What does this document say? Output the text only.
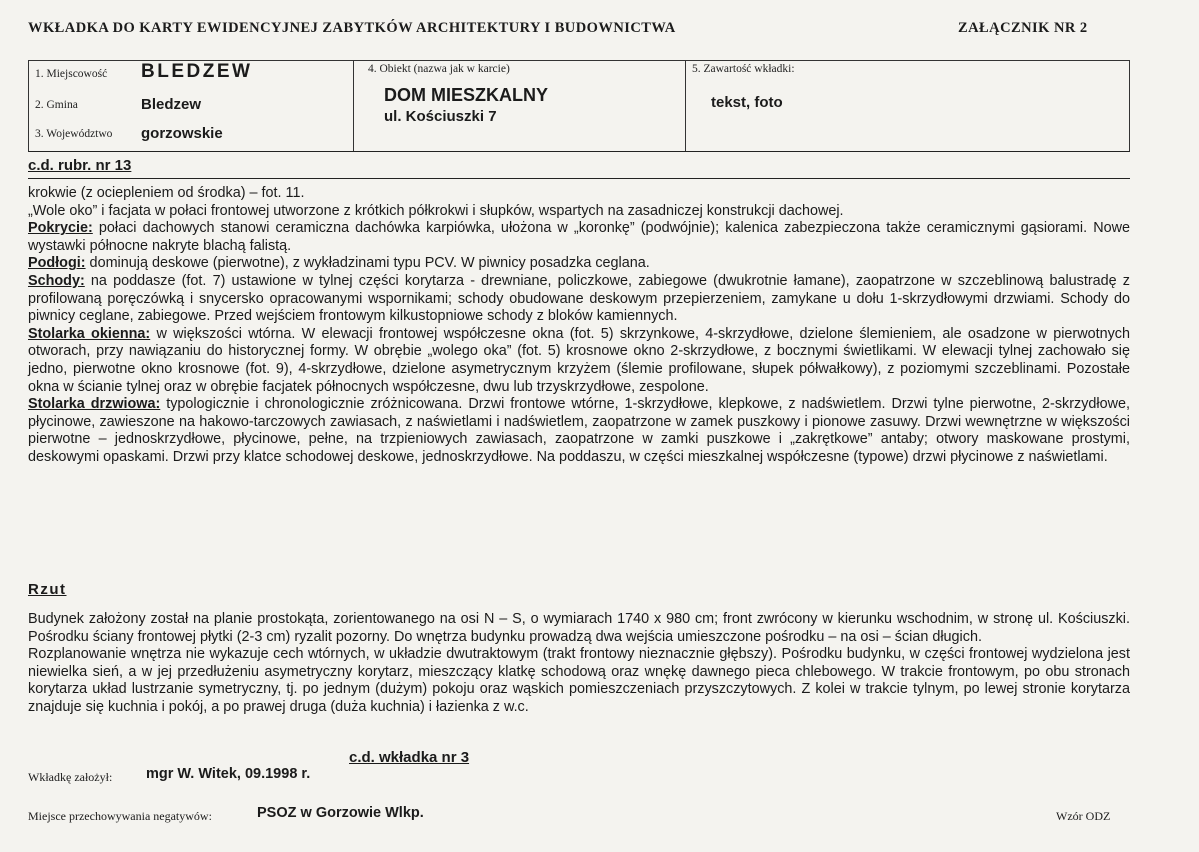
WKŁADKA DO KARTY EWIDENCYJNEJ ZABYTKÓW ARCHITEKTURY I BUDOWNICTWA	ZAŁĄCZNIK NR 2
1. Miejscowość BLEDZEW
2. Gmina	Bledzew
3. Województwo gorzowskie
4. Obiekt (nazwa jak w karcie)
DOM MIESZKALNY
ul. Kościuszki 7
5. Zawartość wkładki:
tekst, foto
c.d. rubr. nr 13

krokwie (z ociepleniem od środka) – fot. 11.

„Wole oko” i facjata w połaci frontowej utworzone z krótkich półkrokwi i słupków, wspartych na zasadniczej konstrukcji dachowej.

Pokrycie: połaci dachowych stanowi ceramiczna dachówka karpiówka, ułożona w „koronkę” (podwójnie); kalenica zabezpieczona także ceramicznymi gąsiorami. Nowe wystawki północne nakryte blachą falistą.

Podłogi: dominują deskowe (pierwotne), z wykładzinami typu PCV. W piwnicy posadzka ceglana.

Schody: na poddasze (fot. 7) ustawione w tylnej części korytarza - drewniane, policzkowe, zabiegowe (dwukrotnie łamane), zaopatrzone w szczeblinową balustradę z profilowaną poręczówką i snycersko opracowanymi wspornikami; schody obudowane deskowym przepierzeniem, zamykane u dołu 1-skrzydłowymi drzwiami. Schody do piwnicy ceglane, zabiegowe. Przed wejściem frontowym kilkustopniowe schody z bloków kamiennych.

Stolarka okienna: w większości wtórna. W elewacji frontowej współczesne okna (fot. 5) skrzynkowe, 4-skrzydłowe, dzielone ślemieniem, ale osadzone w pierwotnych otworach, przy nawiązaniu do historycznej formy. W obrębie „wolego oka” (fot. 5) krosnowe okno 2-skrzydłowe, z bocznymi świetlikami. W elewacji tylnej zachowało się jedno, pierwotne okno krosnowe (fot. 9), 4-skrzydłowe, dzielone asymetrycznym krzyżem (ślemie profilowane, słupek półwałkowy), z poziomymi szczeblinami. Pozostałe okna w ścianie tylnej oraz w obrębie facjatek północnych współczesne, dwu lub trzyskrzydłowe, zespolone.

Stolarka drzwiowa: typologicznie i chronologicznie zróżnicowana. Drzwi frontowe wtórne, 1-skrzydłowe, klepkowe, z nadświetlem. Drzwi tylne pierwotne, 2-skrzydłowe, płycinowe, zawieszone na hakowo-tarczowych zawiasach, z naświetlami i nadświetlem, zaopatrzone w zamek puszkowy i pionowe zasuwy. Drzwi wewnętrzne w większości pierwotne – jednoskrzydłowe, płycinowe, pełne, na trzpieniowych zawiasach, zaopatrzone w zamki puszkowe i „zakrętkowe” antaby; otwory maskowane prostymi, deskowymi opaskami. Drzwi przy klatce schodowej deskowe, jednoskrzydłowe. Na poddaszu, w części mieszkalnej współczesne (typowe) drzwi płycinowe z naświetlami.

Rzut

Budynek założony został na planie prostokąta, zorientowanego na osi N – S, o wymiarach 1740 x 980 cm; front zwrócony w kierunku wschodnim, w stronę ul. Kościuszki. Pośrodku ściany frontowej płytki (2-3 cm) ryzalit pozorny. Do wnętrza budynku prowadzą dwa wejścia umieszczone pośrodku – na osi – ścian długich.

Rozplanowanie wnętrza nie wykazuje cech wtórnych, w układzie dwutraktowym (trakt frontowy nieznacznie głębszy). Pośrodku budynku, w części frontowej wydzielona jest niewielka sień, a w jej przedłużeniu asymetryczny korytarz, mieszczący klatkę schodową oraz wnękę dawnego pieca chlebowego. W trakcie frontowym, po obu stronach korytarza układ lustrzanie symetryczny, tj. po jednym (dużym) pokoju oraz wąskich pomieszczeniach przyszczytowych. Z kolei w trakcie tylnym, po lewej stronie korytarza znajduje się kuchnia i pokój, a po prawej druga (duża kuchnia) i łazienka z w.c.

c.d. wkładka nr 3
Wkładkę założył: mgr W. Witek, 09.1998 r.
Miejsce przechowywania negatywów:	PSOZ w Gorzowie Wlkp.	Wzór ODZ
